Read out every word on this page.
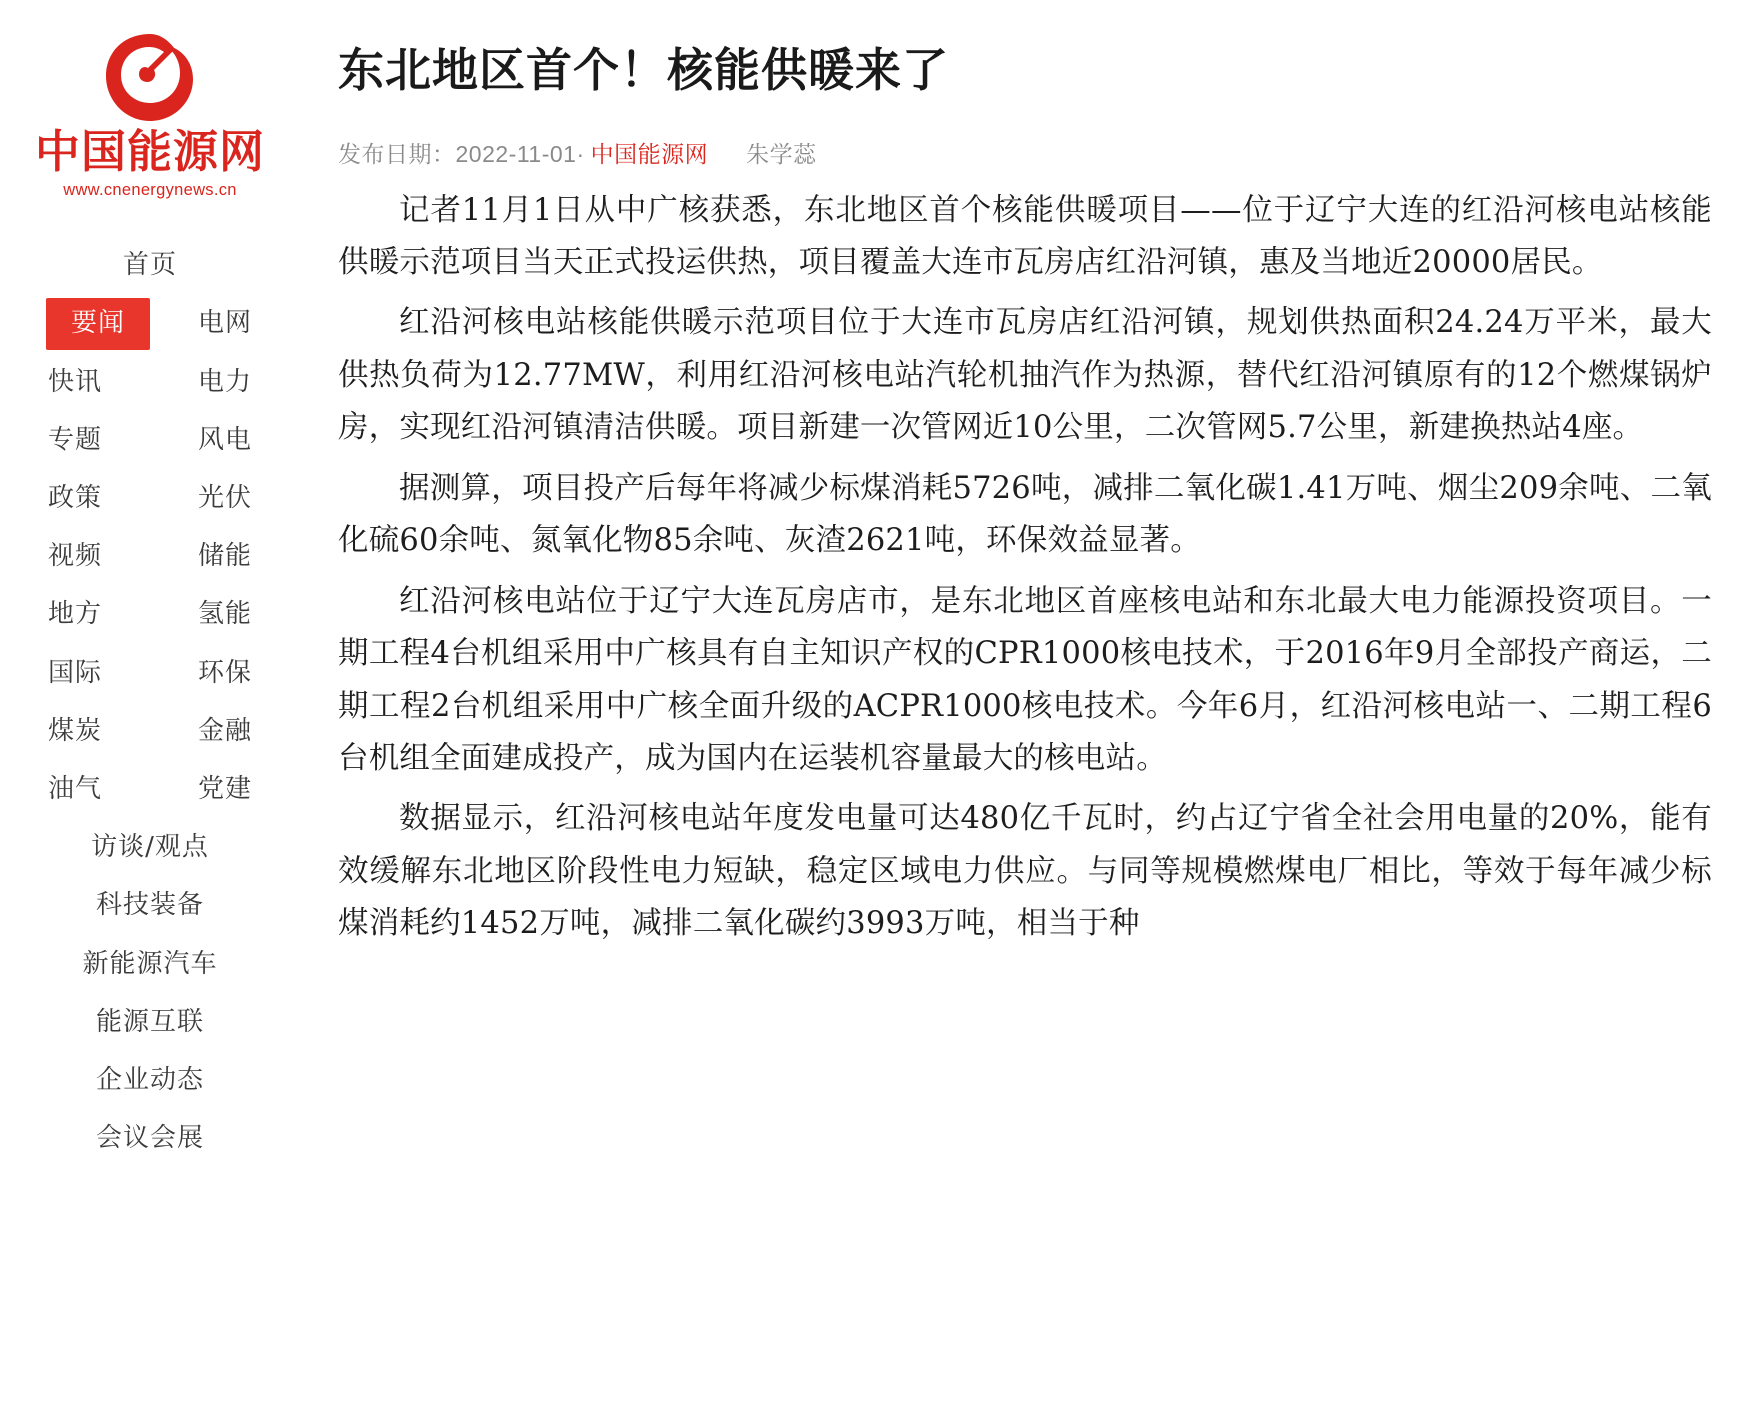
中国能源网
www.cnenergynews.cn
首页
要闻	电网
快讯	电力
专题	风电
政策	光伏
视频	储能
地方	氢能
国际	环保
煤炭	金融
油气	党建
访谈/观点
科技装备
新能源汽车
能源互联
企业动态
会议会展
东北地区首个！核能供暖来了
发布日期： 2022-11-01 · 中国能源网 朱学蕊

记者11月1日从中广核获悉，东北地区首个核能供暖项目——位于辽宁大连的红沿河核电站核能供暖示范项目当天正式投运供热，项目覆盖大连市瓦房店红沿河镇，惠及当地近20000居民。

红沿河核电站核能供暖示范项目位于大连市瓦房店红沿河镇，规划供热面积24.24万平米，最大供热负荷为12.77MW，利用红沿河核电站汽轮机抽汽作为热源，替代红沿河镇原有的12个燃煤锅炉房，实现红沿河镇清洁供暖。项目新建一次管网近10公里，二次管网5.7公里，新建换热站4座。

据测算，项目投产后每年将减少标煤消耗5726吨，减排二氧化碳1.41万吨、烟尘209余吨、二氧化硫60余吨、氮氧化物85余吨、灰渣2621吨，环保效益显著。

红沿河核电站位于辽宁大连瓦房店市，是东北地区首座核电站和东北最大电力能源投资项目。一期工程4台机组采用中广核具有自主知识产权的CPR1000核电技术，于2016年9月全部投产商运，二期工程2台机组采用中广核全面升级的ACPR1000核电技术。今年6月，红沿河核电站一、二期工程6台机组全面建成投产，成为国内在运装机容量最大的核电站。

数据显示，红沿河核电站年度发电量可达480亿千瓦时，约占辽宁省全社会用电量的20%，能有效缓解东北地区阶段性电力短缺，稳定区域电力供应。与同等规模燃煤电厂相比，等效于每年减少标煤消耗约1452万吨，减排二氧化碳约3993万吨，相当于种
